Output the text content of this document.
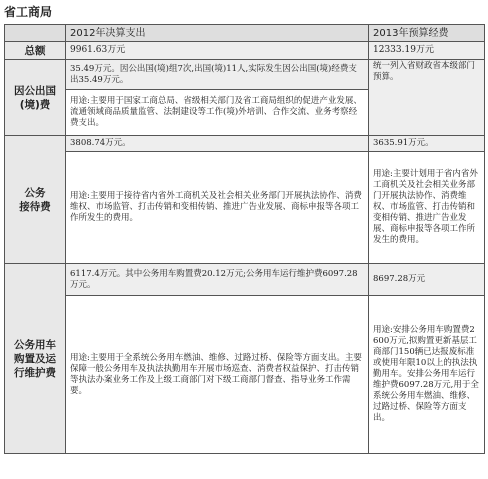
省工商局
	2012年决算支出	2013年预算经费
总额	9961.63万元	12333.19万元
因公出国
(境)费	35.49万元。因公出国(境)组7次,出国(境)11人,实际发生因公出国(境)经费支出35.49万元。	统一列入省财政省本级部门预算。
	用途:主要用于国家工商总局、省级相关部门及省工商局组织的促进产业发展、流通领域商品质量监管、法制建设等工作(境)外培训、合作交流、业务考察经费支出。	
公务
接待费	3808.74万元。	3635.91万元。
	用途:主要用于接待省内省外工商机关及社会相关业务部门开展执法协作、消费维权、市场监管、打击传销和变相传销、推进广告业发展、商标申报等各项工作所发生的费用。	用途:主要计划用于省内省外工商机关及社会相关业务部门开展执法协作、消费维权、市场监管、打击传销和变相传销、推进广告业发展、商标申报等各项工作所发生的费用。
公务用车
购置及运
行维护费	6117.4万元。其中公务用车购置费20.12万元;公务用车运行维护费6097.28万元。	8697.28万元
	用途:主要用于全系统公务用车燃油、维修、过路过桥、保险等方面支出。主要保障一般公务用车及执法执勤用车开展市场巡查、消费者权益保护、打击传销等执法办案业务工作及上级工商部门对下级工商部门督查、指导业务工作需要。	用途:安排公务用车购置费2600万元,拟购置更新基层工商部门150辆已达报废标准或使用年限10以上的执法执勤用车。安排公务用车运行维护费6097.28万元,用于全系统公务用车燃油、维修、过路过桥、保险等方面支出。
